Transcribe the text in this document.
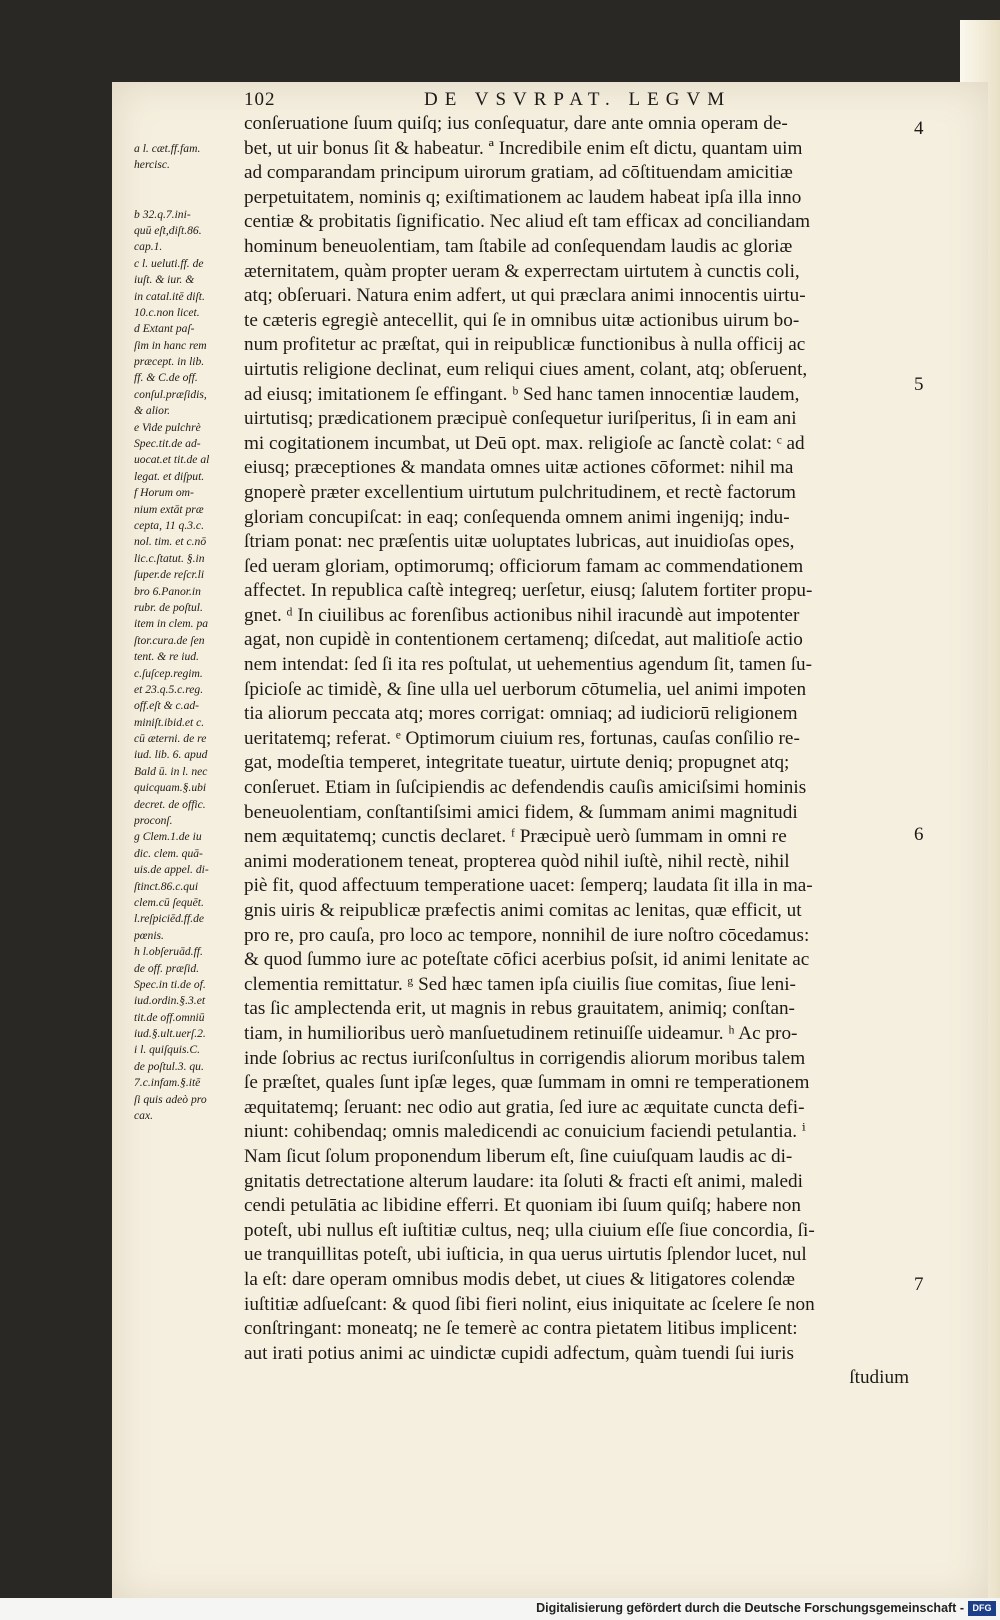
102	DE VSVRPAT. LEGVM
a l. cæt.ff.fam.
hercisc.
b 32.q.7.ini-
quū eſt,diſt.86.
cap.1.
c l. ueluti.ff. de
iuſt. & iur. &
in catal.itē diſt.
10.c.non licet.
d Extant paſ-
ſim in hanc rem
præcept. in lib.
ff. & C.de off.
conſul.præſidis,
& alior.
e Vide pulchrè
Spec.tit.de ad-
uocat.et tit.de al
legat. et diſput.
f Horum om-
nium extāt præ
cepta, 11 q.3.c.
nol. tim. et c.nō
lic.c.ſtatut. §.in
ſuper.de reſcr.li
bro 6.Panor.in
rubr. de poſtul.
item in clem. pa
ſtor.cura.de ſen
tent. & re iud.
c.ſuſcep.regim.
et 23.q.5.c.reg.
off.eſt & c.ad-
miniſt.ibid.et c.
cū æterni. de re
iud. lib. 6. apud
Bald ū. in l. nec
quicquam.§.ubi
decret. de offic.
proconſ.
g Clem.1.de iu
dic. clem. quā-
uis.de appel. di-
ſtinct.86.c.qui
clem.cū ſequēt.
l.reſpiciēd.ff.de
pœnis.
h l.obſeruād.ff.
de off. præſid.
Spec.in ti.de of.
iud.ordin.§.3.et
tit.de off.omniū
iud.§.ult.uerſ.2.
i l. quiſquis.C.
de poſtul.3. qu.
7.c.infam.§.itē
ſi quis adeò pro
cax.
conſeruatione ſuum quiſq; ius conſequatur, dare ante omnia operam de-
bet, ut uir bonus ſit & habeatur. ª Incredibile enim eſt dictu, quantam uim
ad comparandam principum uirorum gratiam, ad cōſtituendam amicitiæ
perpetuitatem, nominis q; exiſtimationem ac laudem habeat ipſa illa inno
centiæ & probitatis ſignificatio. Nec aliud eſt tam efficax ad conciliandam
hominum beneuolentiam, tam ſtabile ad conſequendam laudis ac gloriæ
æternitatem, quàm propter ueram & experrectam uirtutem à cunctis coli,
atq; obſeruari. Natura enim adfert, ut qui præclara animi innocentis uirtu-
te cæteris egregiè antecellit, qui ſe in omnibus uitæ actionibus uirum bo-
num profitetur ac præſtat, qui in reipublicæ functionibus à nulla officij ac
uirtutis religione declinat, eum reliqui ciues ament, colant, atq; obſeruent,
ad eiusq; imitationem ſe effingant. ᵇ Sed hanc tamen innocentiæ laudem,
uirtutisq; prædicationem præcipuè conſequetur iuriſperitus, ſi in eam ani
mi cogitationem incumbat, ut Deū opt. max. religioſe ac ſanctè colat: ᶜ ad
eiusq; præceptiones & mandata omnes uitæ actiones cōformet: nihil ma
gnoperè præter excellentium uirtutum pulchritudinem, et rectè factorum
gloriam concupiſcat: in eaq; conſequenda omnem animi ingenijq; indu-
ſtriam ponat: nec præſentis uitæ uoluptates lubricas, aut inuidioſas opes,
ſed ueram gloriam, optimorumq; officiorum famam ac commendationem
affectet. In republica caſtè integreq; uerſetur, eiusq; ſalutem fortiter propu-
gnet. ᵈ In ciuilibus ac forenſibus actionibus nihil iracundè aut impotenter
agat, non cupidè in contentionem certamenq; diſcedat, aut malitioſe actio
nem intendat: ſed ſi ita res poſtulat, ut uehementius agendum ſit, tamen ſu-
ſpicioſe ac timidè, & ſine ulla uel uerborum cōtumelia, uel animi impoten
tia aliorum peccata atq; mores corrigat: omniaq; ad iudiciorū religionem
ueritatemq; referat. ᵉ Optimorum ciuium res, fortunas, cauſas conſilio re-
gat, modeſtia temperet, integritate tueatur, uirtute deniq; propugnet atq;
conſeruet. Etiam in ſuſcipiendis ac defendendis cauſis amiciſsimi hominis
beneuolentiam, conſtantiſsimi amici fidem, & ſummam animi magnitudi
nem æquitatemq; cunctis declaret. ᶠ Præcipuè uerò ſummam in omni re
animi moderationem teneat, propterea quòd nihil iuſtè, nihil rectè, nihil
piè fit, quod affectuum temperatione uacet: ſemperq; laudata ſit illa in ma-
gnis uiris & reipublicæ præfectis animi comitas ac lenitas, quæ efficit, ut
pro re, pro cauſa, pro loco ac tempore, nonnihil de iure noſtro cōcedamus:
& quod ſummo iure ac poteſtate cōfici acerbius poſsit, id animi lenitate ac
clementia remittatur. ᵍ Sed hæc tamen ipſa ciuilis ſiue comitas, ſiue leni-
tas ſic amplectenda erit, ut magnis in rebus grauitatem, animiq; conſtan-
tiam, in humilioribus uerò manſuetudinem retinuiſſe uideamur. ʰ Ac pro-
inde ſobrius ac rectus iuriſconſultus in corrigendis aliorum moribus talem
ſe præſtet, quales ſunt ipſæ leges, quæ ſummam in omni re temperationem
æquitatemq; ſeruant: nec odio aut gratia, ſed iure ac æquitate cuncta defi-
niunt: cohibendaq; omnis maledicendi ac conuicium faciendi petulantia. ⁱ
Nam ſicut ſolum proponendum liberum eſt, ſine cuiuſquam laudis ac di-
gnitatis detrectatione alterum laudare: ita ſoluti & fracti eſt animi, maledi
cendi petulātia ac libidine efferri. Et quoniam ibi ſuum quiſq; habere non
poteſt, ubi nullus eſt iuſtitiæ cultus, neq; ulla ciuium eſſe ſiue concordia, ſi-
ue tranquillitas poteſt, ubi iuſticia, in qua uerus uirtutis ſplendor lucet, nul
la eſt: dare operam omnibus modis debet, ut ciues & litigatores colendæ
iuſtitiæ adſueſcant: & quod ſibi fieri nolint, eius iniquitate ac ſcelere ſe non
conſtringant: moneatq; ne ſe temerè ac contra pietatem litibus implicent:
aut irati potius animi ac uindictæ cupidi adfectum, quàm tuendi ſui iuris
ſtudium
4
5
6
7
Digitalisierung gefördert durch die Deutsche Forschungsgemeinschaft - DFG
